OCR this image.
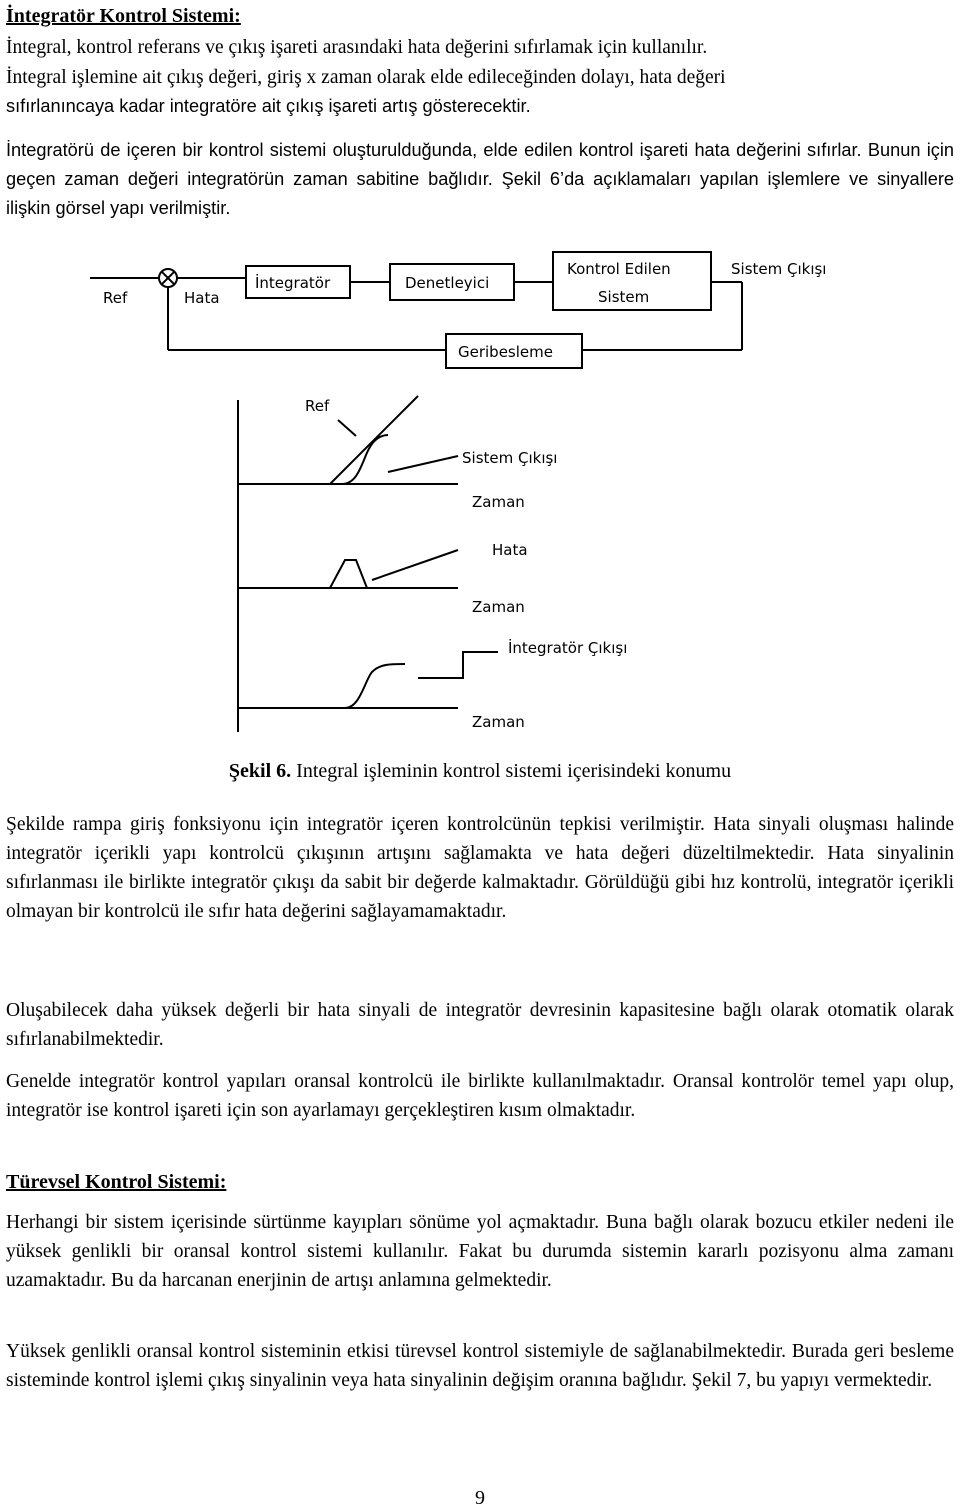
İntegratör Kontrol Sistemi:
İntegral, kontrol referans ve çıkış işareti arasındaki hata değerini sıfırlamak için kullanılır.
İntegral işlemine ait çıkış değeri, giriş x zaman olarak elde edileceğinden dolayı, hata değeri
sıfırlanıncaya kadar integratöre ait çıkış işareti artış gösterecektir.

İntegratörü de içeren bir kontrol sistemi oluşturulduğunda, elde edilen kontrol işareti hata değerini sıfırlar. Bunun için geçen zaman değeri integratörün zaman sabitine bağlıdır. Şekil 6’da açıklamaları yapılan işlemlere ve sinyallere ilişkin görsel yapı verilmiştir.

Ref	Hata
İntegratör	Denetleyici
Kontrol Edilen
Sistem
Sistem Çıkışı
Geribesleme
Ref
Sistem Çıkışı
Zaman
Hata
Zaman
İntegratör Çıkışı
Zaman

Şekil 6. Integral işleminin kontrol sistemi içerisindeki konumu

Şekilde rampa giriş fonksiyonu için integratör içeren kontrolcünün tepkisi verilmiştir. Hata sinyali oluşması halinde integratör içerikli yapı kontrolcü çıkışının artışını sağlamakta ve hata değeri düzeltilmektedir. Hata sinyalinin sıfırlanması ile birlikte integratör çıkışı da sabit bir değerde kalmaktadır. Görüldüğü gibi hız kontrolü, integratör içerikli olmayan bir kontrolcü ile sıfır hata değerini sağlayamamaktadır.

Oluşabilecek daha yüksek değerli bir hata sinyali de integratör devresinin kapasitesine bağlı olarak otomatik olarak sıfırlanabilmektedir.

Genelde integratör kontrol yapıları oransal kontrolcü ile birlikte kullanılmaktadır. Oransal kontrolör temel yapı olup, integratör ise kontrol işareti için son ayarlamayı gerçekleştiren kısım olmaktadır.

Türevsel Kontrol Sistemi:

Herhangi bir sistem içerisinde sürtünme kayıpları sönüme yol açmaktadır. Buna bağlı olarak bozucu etkiler nedeni ile yüksek genlikli bir oransal kontrol sistemi kullanılır. Fakat bu durumda sistemin kararlı pozisyonu alma zamanı uzamaktadır. Bu da harcanan enerjinin de artışı anlamına gelmektedir.

Yüksek genlikli oransal kontrol sisteminin etkisi türevsel kontrol sistemiyle de sağlanabilmektedir. Burada geri besleme sisteminde kontrol işlemi çıkış sinyalinin veya hata sinyalinin değişim oranına bağlıdır. Şekil 7, bu yapıyı vermektedir.

9
